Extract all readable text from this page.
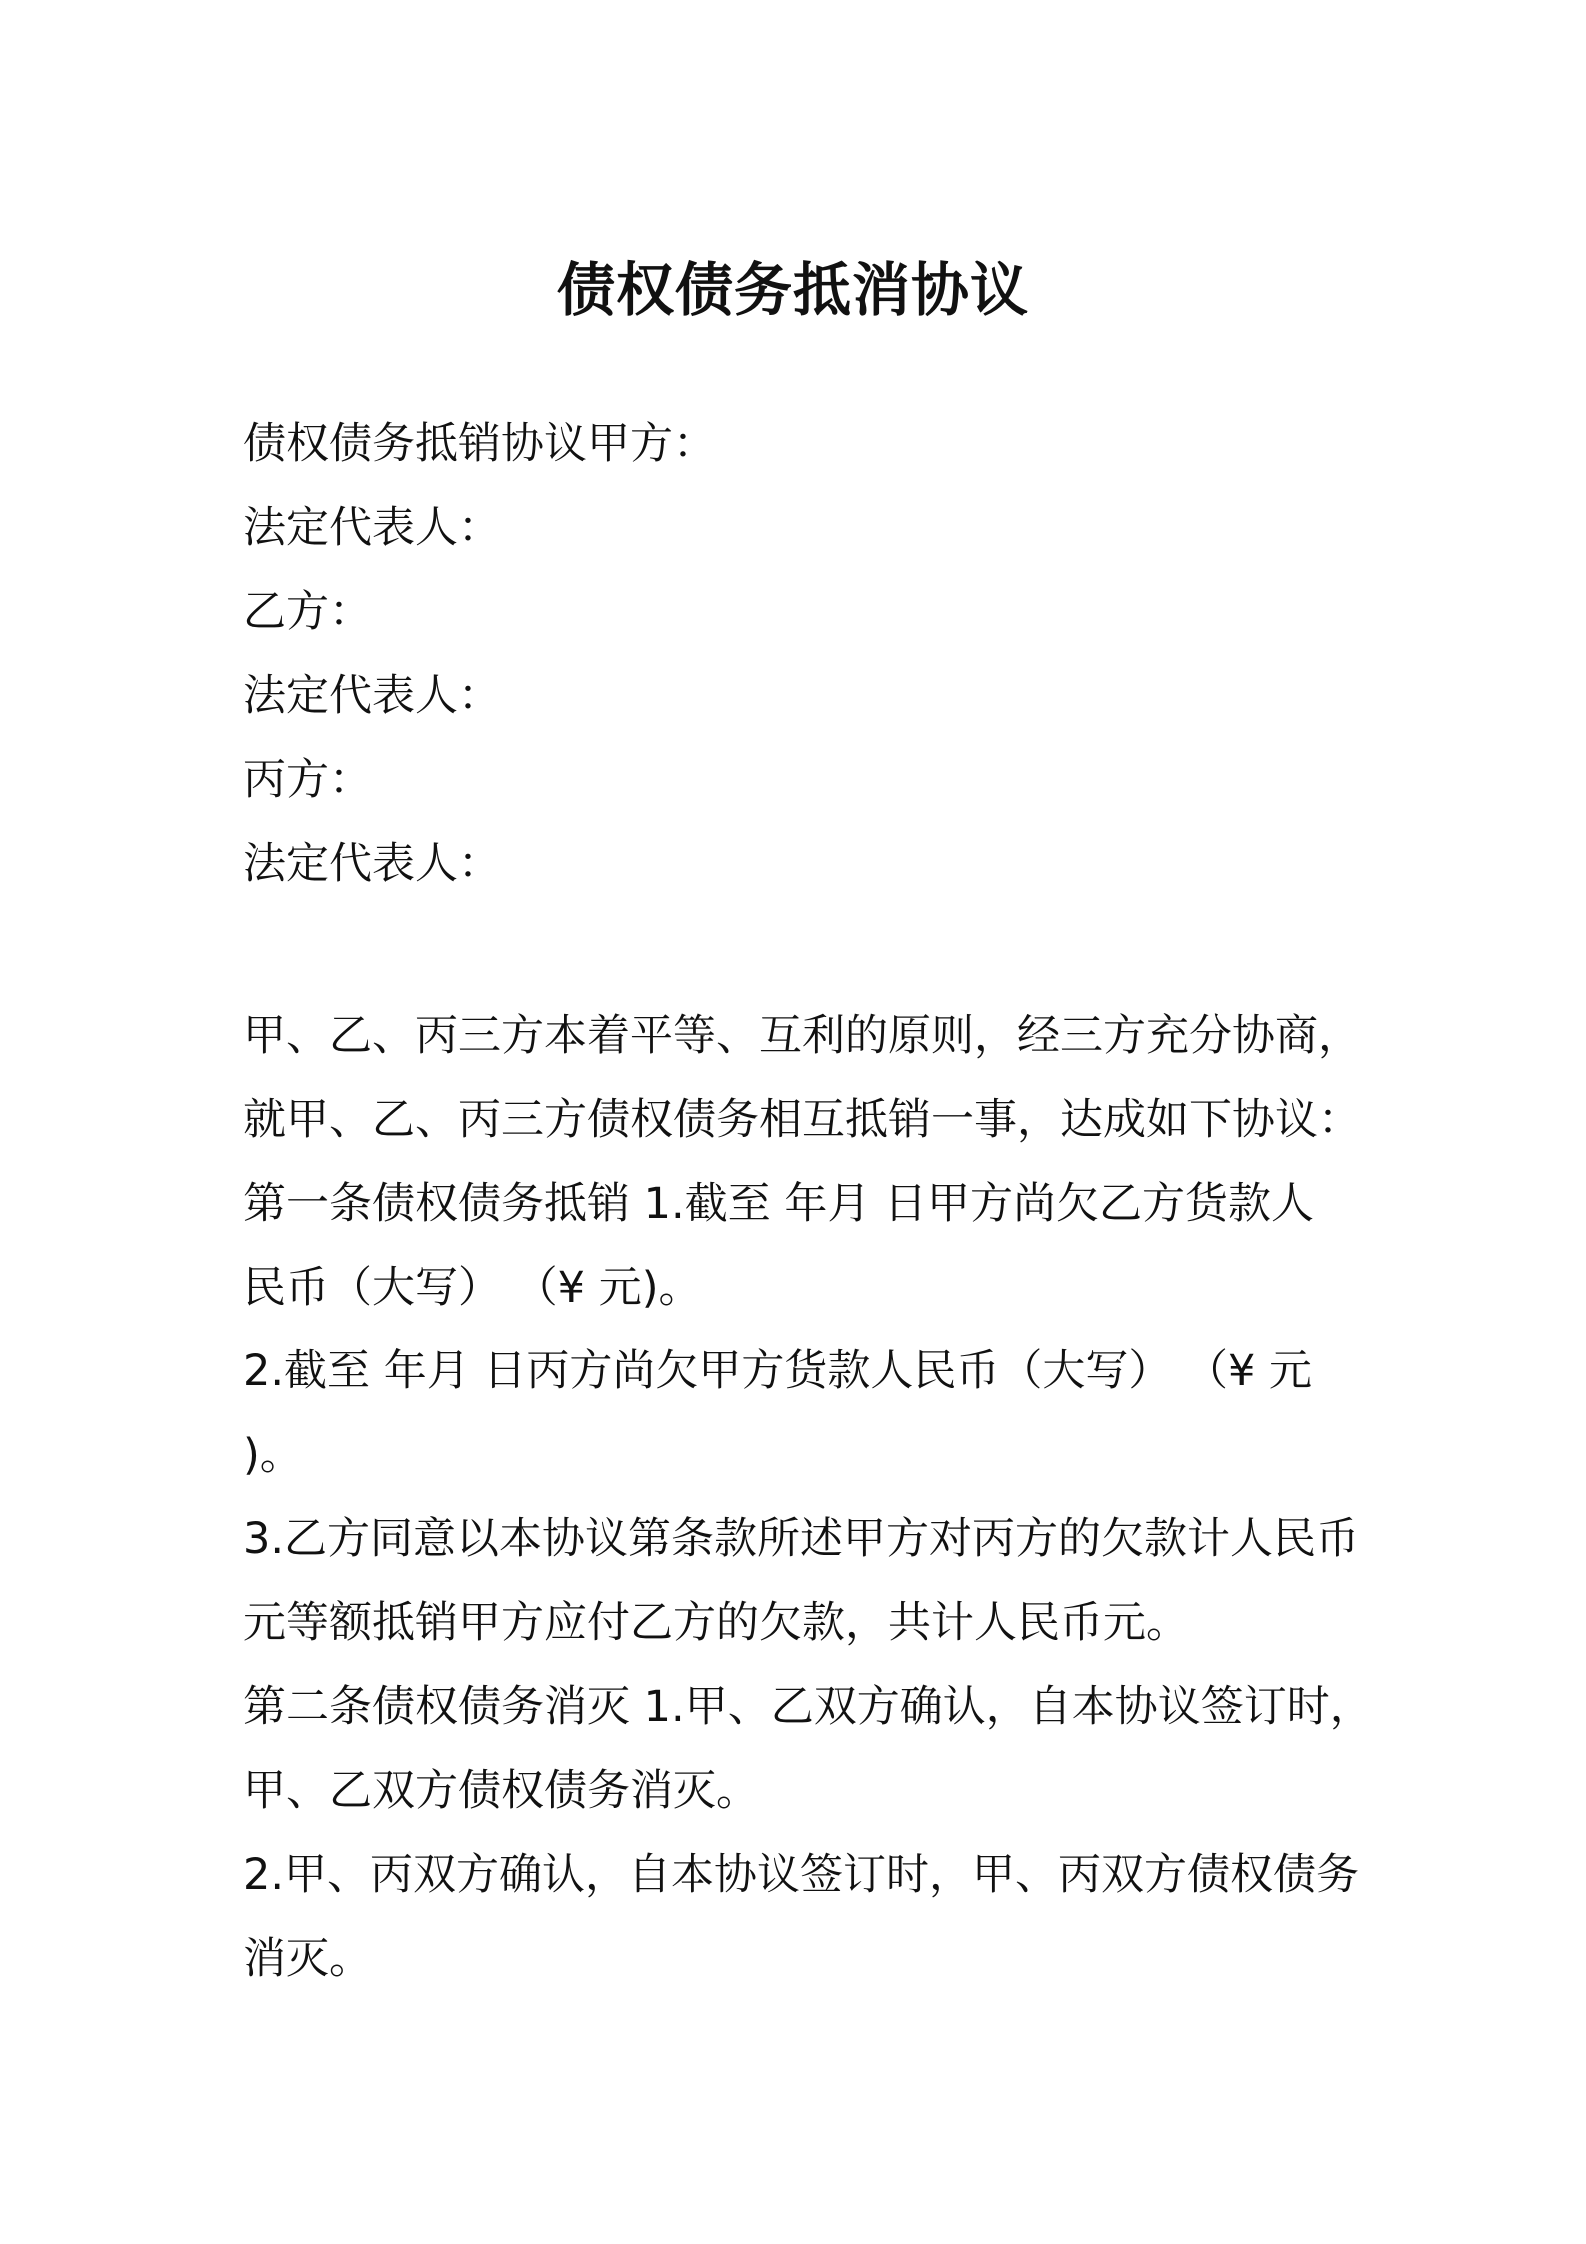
债权债务抵消协议
债权债务抵销协议甲方：
法定代表人：
乙方：
法定代表人：
丙方：
法定代表人：
甲、乙、丙三方本着平等、互利的原则，经三方充分协商，
就甲、乙、丙三方债权债务相互抵销一事，达成如下协议：
第一条债权债务抵销 1.截至 年月 日甲方尚欠乙方货款人
民币（大写） （¥ 元)。
2.截至 年月 日丙方尚欠甲方货款人民币（大写） （¥ 元
)。
3.乙方同意以本协议第条款所述甲方对丙方的欠款计人民币
元等额抵销甲方应付乙方的欠款，共计人民币元。
第二条债权债务消灭 1.甲、乙双方确认，自本协议签订时，
甲、乙双方债权债务消灭。
2.甲、丙双方确认，自本协议签订时，甲、丙双方债权债务
消灭。
